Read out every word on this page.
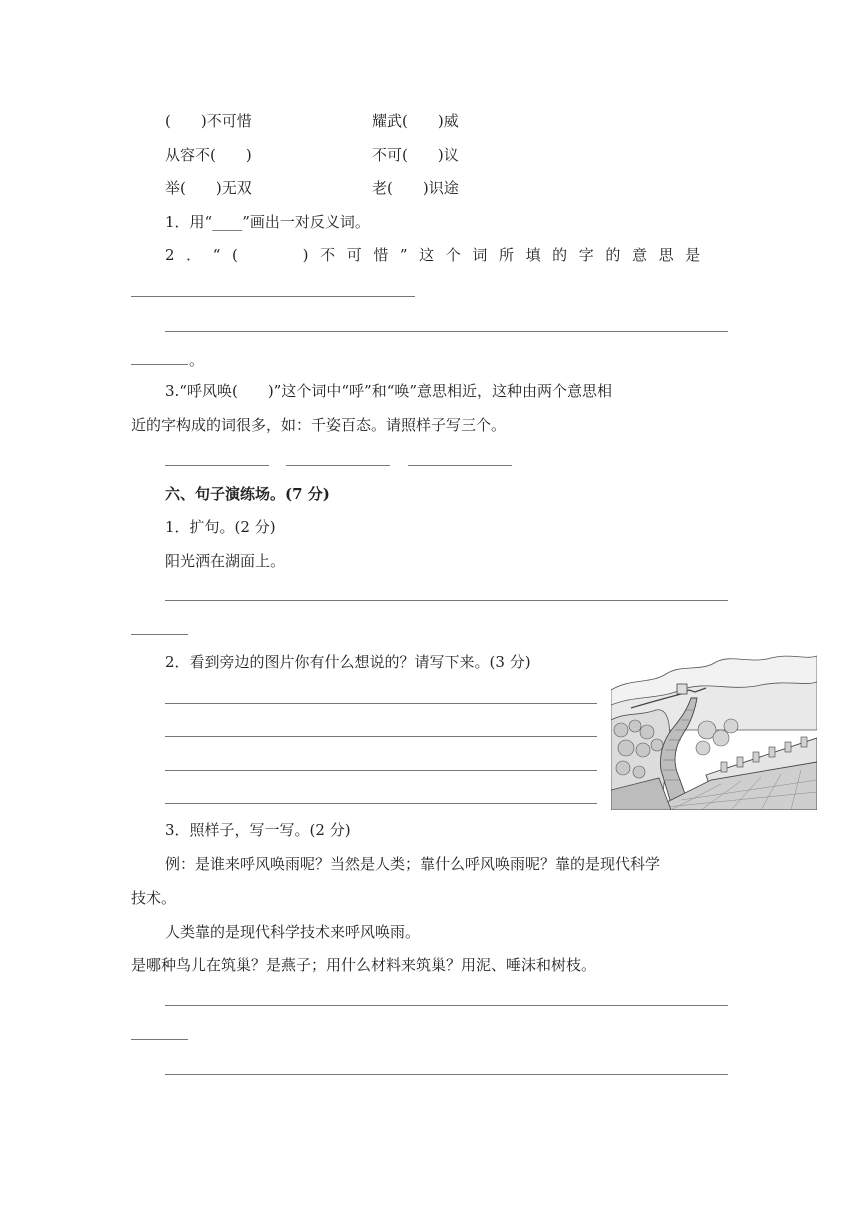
(　　)不可惜	耀武(　　)威
从容不(　　)	不可(　　)议
举(　　)无双	老(　　)识途
1．用“____”画出一对反义词。
2．“(　　)不可惜”这个词所填的字的意思是
。
3.“呼风唤(　　)”这个词中“呼”和“唤”意思相近，这种由两个意思相
近的字构成的词很多，如：千姿百态。请照样子写三个。
六、句子演练场。(7 分)
1．扩句。(2 分)
阳光洒在湖面上。
2．看到旁边的图片你有什么想说的？请写下来。(3 分)
3．照样子，写一写。(2 分)
例：是谁来呼风唤雨呢？当然是人类；靠什么呼风唤雨呢？靠的是现代科学
技术。
人类靠的是现代科学技术来呼风唤雨。
是哪种鸟儿在筑巢？是燕子；用什么材料来筑巢？用泥、唾沫和树枝。
